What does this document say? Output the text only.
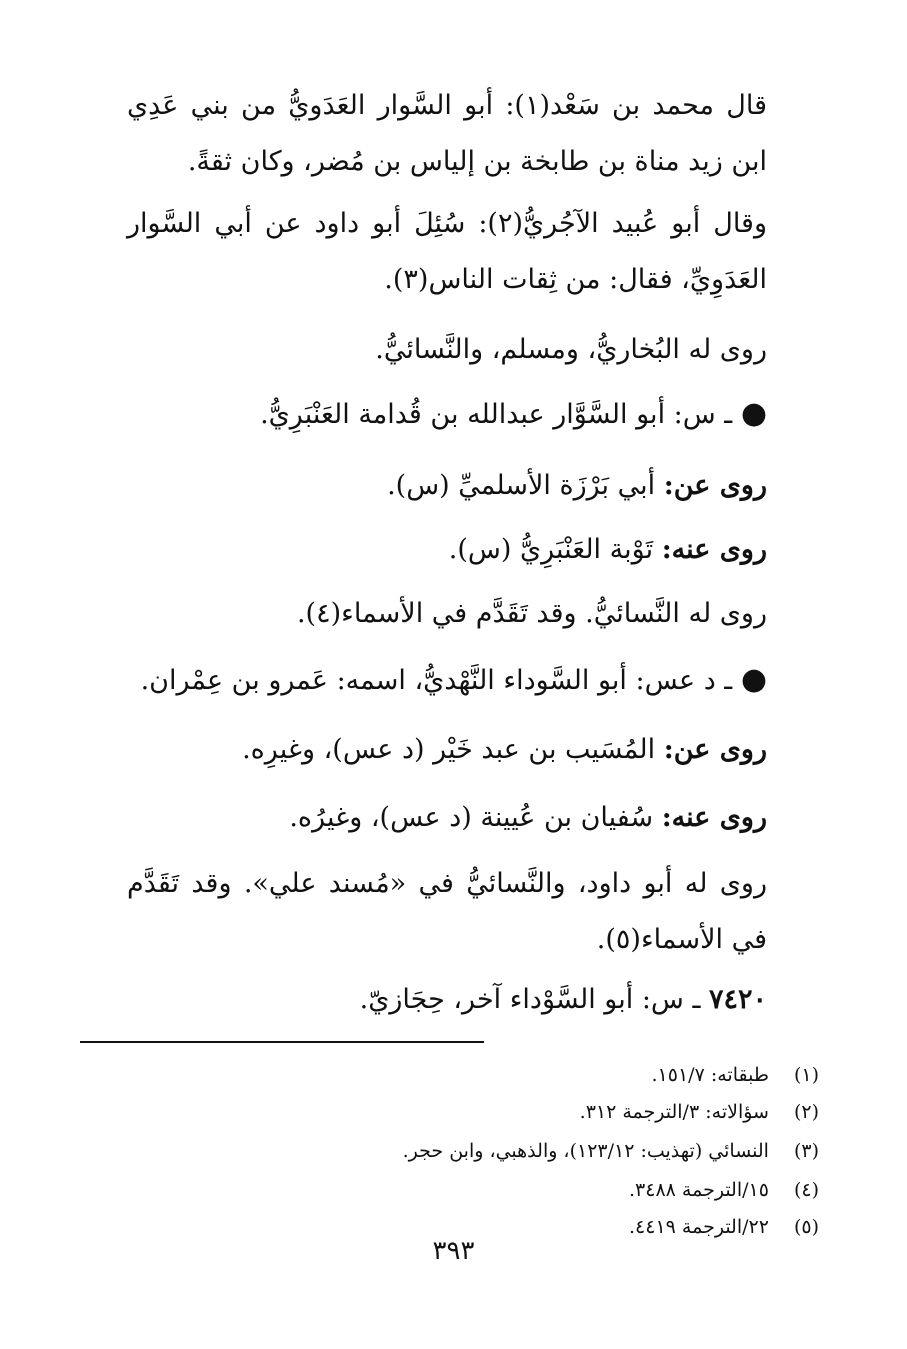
قال محمد بن سَعْد(١): أبو السَّوار العَدَويُّ من بني عَدِي ابن زيد مناة بن طابخة بن إلياس بن مُضر، وكان ثقةً.
وقال أبو عُبيد الآجُريُّ(٢): سُئِلَ أبو داود عن أبي السَّوار العَدَوِيِّ، فقال: من ثِقات الناس(٣).
روى له البُخاريُّ، ومسلم، والنَّسائيُّ.
● ـ س: أبو السَّوَّار عبدالله بن قُدامة العَنْبَرِيُّ.
روى عن: أبي بَرْزَة الأسلميِّ (س).
روى عنه: تَوْبة العَنْبَرِيُّ (س).
روى له النَّسائيُّ. وقد تَقَدَّم في الأسماء(٤).
● ـ د عس: أبو السَّوداء النَّهْديُّ، اسمه: عَمرو بن عِمْران.
روى عن: المُسَيب بن عبد خَيْر (د عس)، وغيرِه.
روى عنه: سُفيان بن عُيينة (د عس)، وغيرُه.
روى له أبو داود، والنَّسائيُّ في «مُسند علي». وقد تَقَدَّم في الأسماء(٥).
٧٤٢٠ ـ س: أبو السَّوْداء آخر، حِجَازيّ.
(١) طبقاته: ١٥١/٧.
(٢) سؤالاته: ٣/الترجمة ٣١٢.
(٣) النسائي (تهذيب: ١٢٣/١٢)، والذهبي، وابن حجر.
(٤) ١٥/الترجمة ٣٤٨٨.
(٥) ٢٢/الترجمة ٤٤١٩.
٣٩٣
